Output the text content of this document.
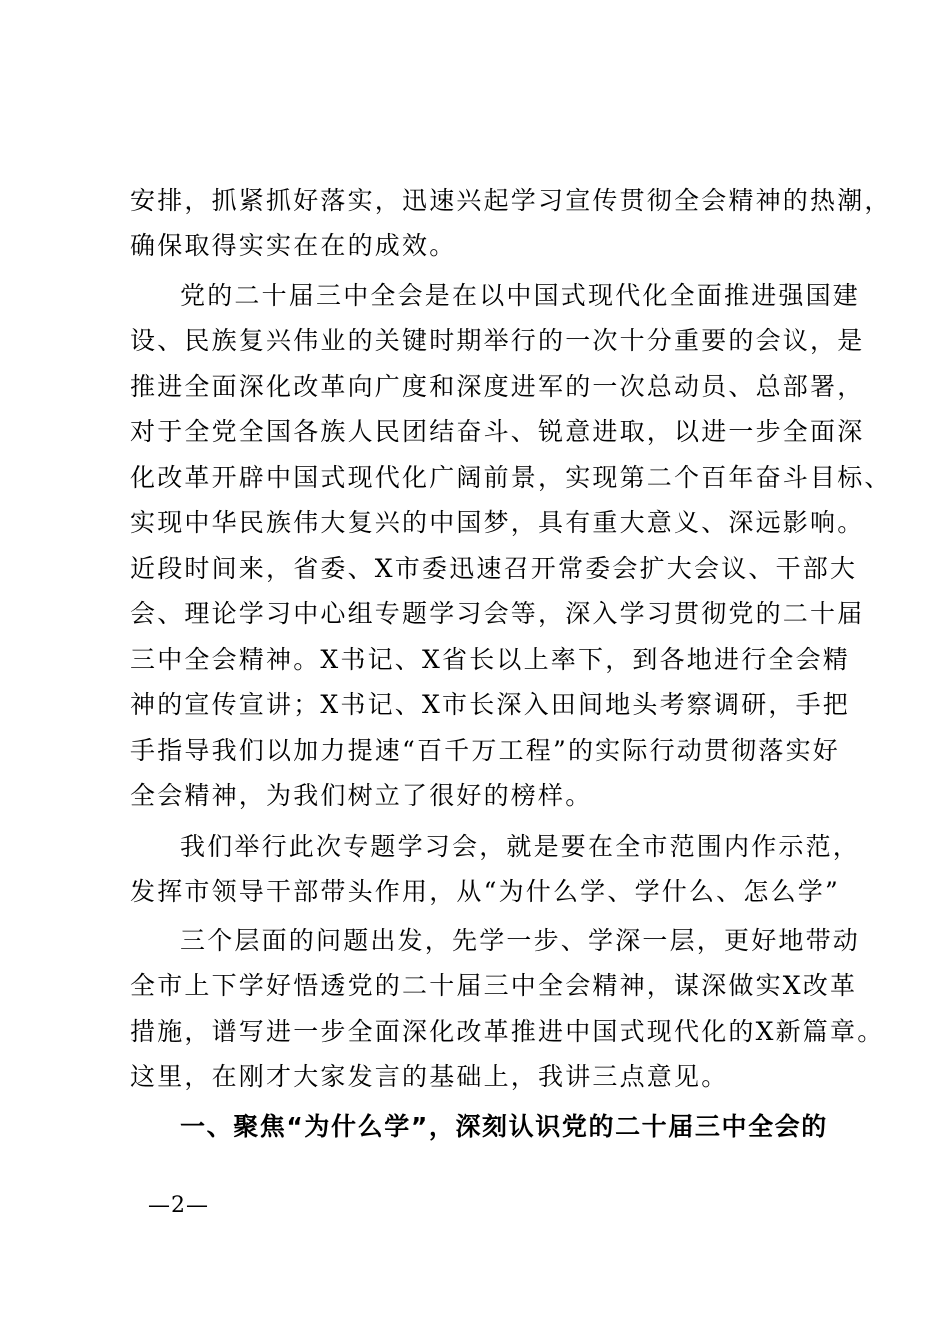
安排，抓紧抓好落实，迅速兴起学习宣传贯彻全会精神的热潮，
确保取得实实在在的成效。
党的二十届三中全会是在以中国式现代化全面推进强国建
设、民族复兴伟业的关键时期举行的一次十分重要的会议，是
推进全面深化改革向广度和深度进军的一次总动员、总部署，
对于全党全国各族人民团结奋斗、锐意进取，以进一步全面深
化改革开辟中国式现代化广阔前景，实现第二个百年奋斗目标、
实现中华民族伟大复兴的中国梦，具有重大意义、深远影响。
近段时间来，省委、X市委迅速召开常委会扩大会议、干部大
会、理论学习中心组专题学习会等，深入学习贯彻党的二十届
三中全会精神。X书记、X省长以上率下，到各地进行全会精
神的宣传宣讲；X书记、X市长深入田间地头考察调研，手把
手指导我们以加力提速“百千万工程”的实际行动贯彻落实好
全会精神，为我们树立了很好的榜样。
我们举行此次专题学习会，就是要在全市范围内作示范，
发挥市领导干部带头作用，从“为什么学、学什么、怎么学”
三个层面的问题出发，先学一步、学深一层，更好地带动
全市上下学好悟透党的二十届三中全会精神，谋深做实X改革
措施，谱写进一步全面深化改革推进中国式现代化的X新篇章。
这里，在刚才大家发言的基础上，我讲三点意见。
一、聚焦“为什么学”，深刻认识党的二十届三中全会的
—2—
